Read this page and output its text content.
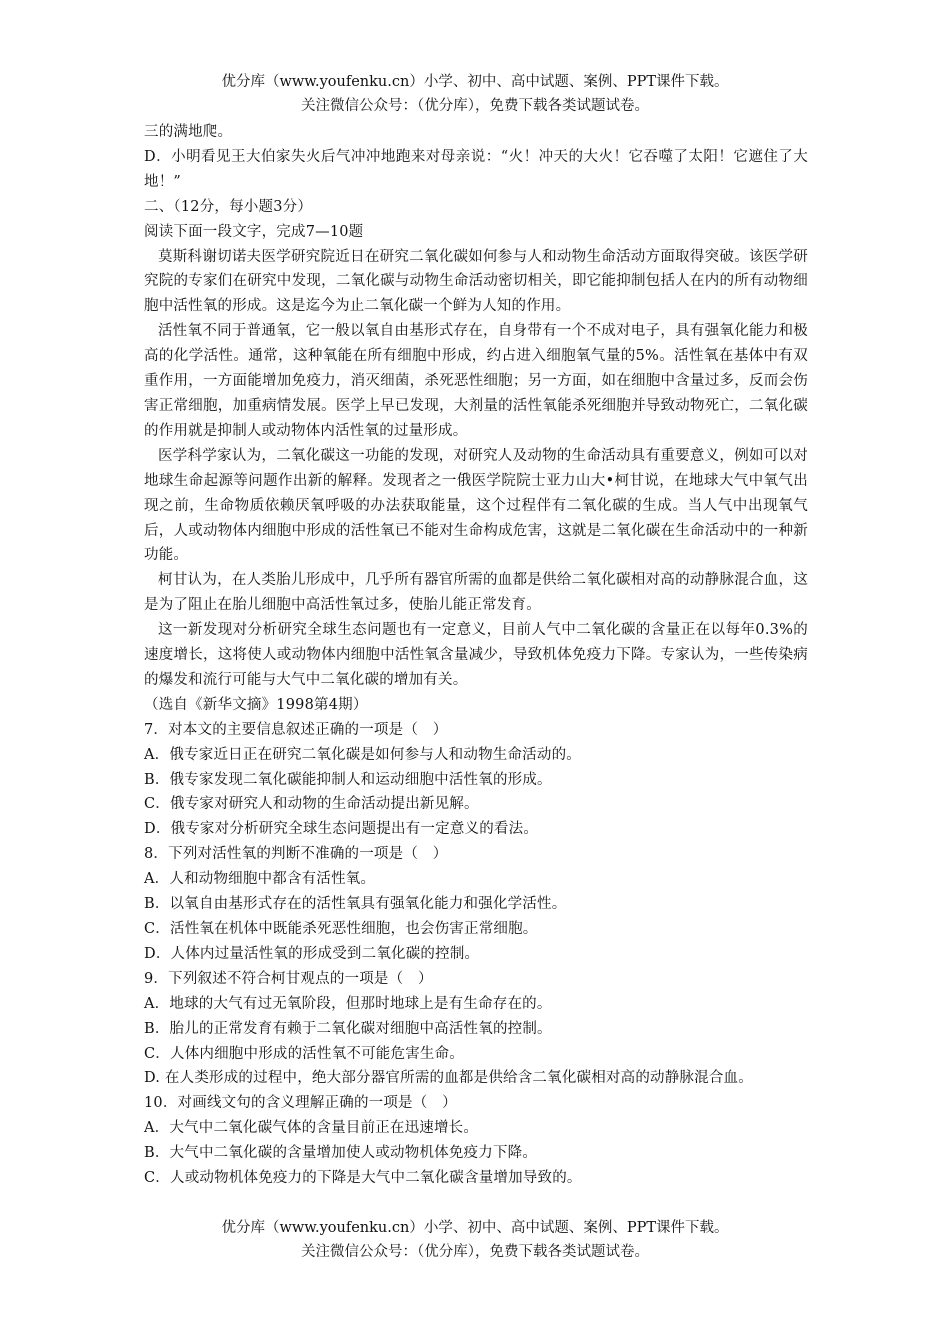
优分库（www.youfenku.cn）小学、初中、高中试题、案例、PPT课件下载。
关注微信公众号：（优分库），免费下载各类试题试卷。

三的满地爬。

D．小明看见王大伯家失火后气冲冲地跑来对母亲说：“火！冲天的大火！它吞噬了太阳！它遮住了大地！”

二、（12分，每小题3分）

阅读下面一段文字，完成7—10题

莫斯科谢切诺夫医学研究院近日在研究二氧化碳如何参与人和动物生命活动方面取得突破。该医学研究院的专家们在研究中发现，二氧化碳与动物生命活动密切相关，即它能抑制包括人在内的所有动物细胞中活性氧的形成。这是迄今为止二氧化碳一个鲜为人知的作用。

活性氧不同于普通氧，它一般以氧自由基形式存在，自身带有一个不成对电子，具有强氧化能力和极高的化学活性。通常，这种氧能在所有细胞中形成，约占进入细胞氧气量的5%。活性氧在基体中有双重作用，一方面能增加免疫力，消灭细菌，杀死恶性细胞；另一方面，如在细胞中含量过多，反而会伤害正常细胞，加重病情发展。医学上早已发现，大剂量的活性氧能杀死细胞并导致动物死亡，二氧化碳的作用就是抑制人或动物体内活性氧的过量形成。

医学科学家认为，二氧化碳这一功能的发现，对研究人及动物的生命活动具有重要意义，例如可以对地球生命起源等问题作出新的解释。发现者之一俄医学院院士亚力山大•柯甘说，在地球大气中氧气出现之前，生命物质依赖厌氧呼吸的办法获取能量，这个过程伴有二氧化碳的生成。当人气中出现氧气后，人或动物体内细胞中形成的活性氧已不能对生命构成危害，这就是二氧化碳在生命活动中的一种新功能。

柯甘认为，在人类胎儿形成中，几乎所有器官所需的血都是供给二氧化碳相对高的动静脉混合血，这是为了阻止在胎儿细胞中高活性氧过多，使胎儿能正常发育。

这一新发现对分析研究全球生态问题也有一定意义，目前人气中二氧化碳的含量正在以每年0.3%的速度增长，这将使人或动物体内细胞中活性氧含量减少，导致机体免疫力下降。专家认为，一些传染病的爆发和流行可能与大气中二氧化碳的增加有关。

（选自《新华文摘》1998第4期）

7．对本文的主要信息叙述正确的一项是（　）

A．俄专家近日正在研究二氧化碳是如何参与人和动物生命活动的。

B．俄专家发现二氧化碳能抑制人和运动细胞中活性氧的形成。

C．俄专家对研究人和动物的生命活动提出新见解。

D．俄专家对分析研究全球生态问题提出有一定意义的看法。

8．下列对活性氧的判断不准确的一项是（　）

A．人和动物细胞中都含有活性氧。

B．以氧自由基形式存在的活性氧具有强氧化能力和强化学活性。

C．活性氧在机体中既能杀死恶性细胞，也会伤害正常细胞。

D．人体内过量活性氧的形成受到二氧化碳的控制。

9．下列叙述不符合柯甘观点的一项是（　）

A．地球的大气有过无氧阶段，但那时地球上是有生命存在的。

B．胎儿的正常发育有赖于二氧化碳对细胞中高活性氧的控制。

C．人体内细胞中形成的活性氧不可能危害生命。

D. 在人类形成的过程中，绝大部分器官所需的血都是供给含二氧化碳相对高的动静脉混合血。

10．对画线文句的含义理解正确的一项是（　）

A．大气中二氧化碳气体的含量目前正在迅速增长。

B．大气中二氧化碳的含量增加使人或动物机体免疫力下降。

C．人或动物机体免疫力的下降是大气中二氧化碳含量增加导致的。

优分库（www.youfenku.cn）小学、初中、高中试题、案例、PPT课件下载。
关注微信公众号：（优分库），免费下载各类试题试卷。
